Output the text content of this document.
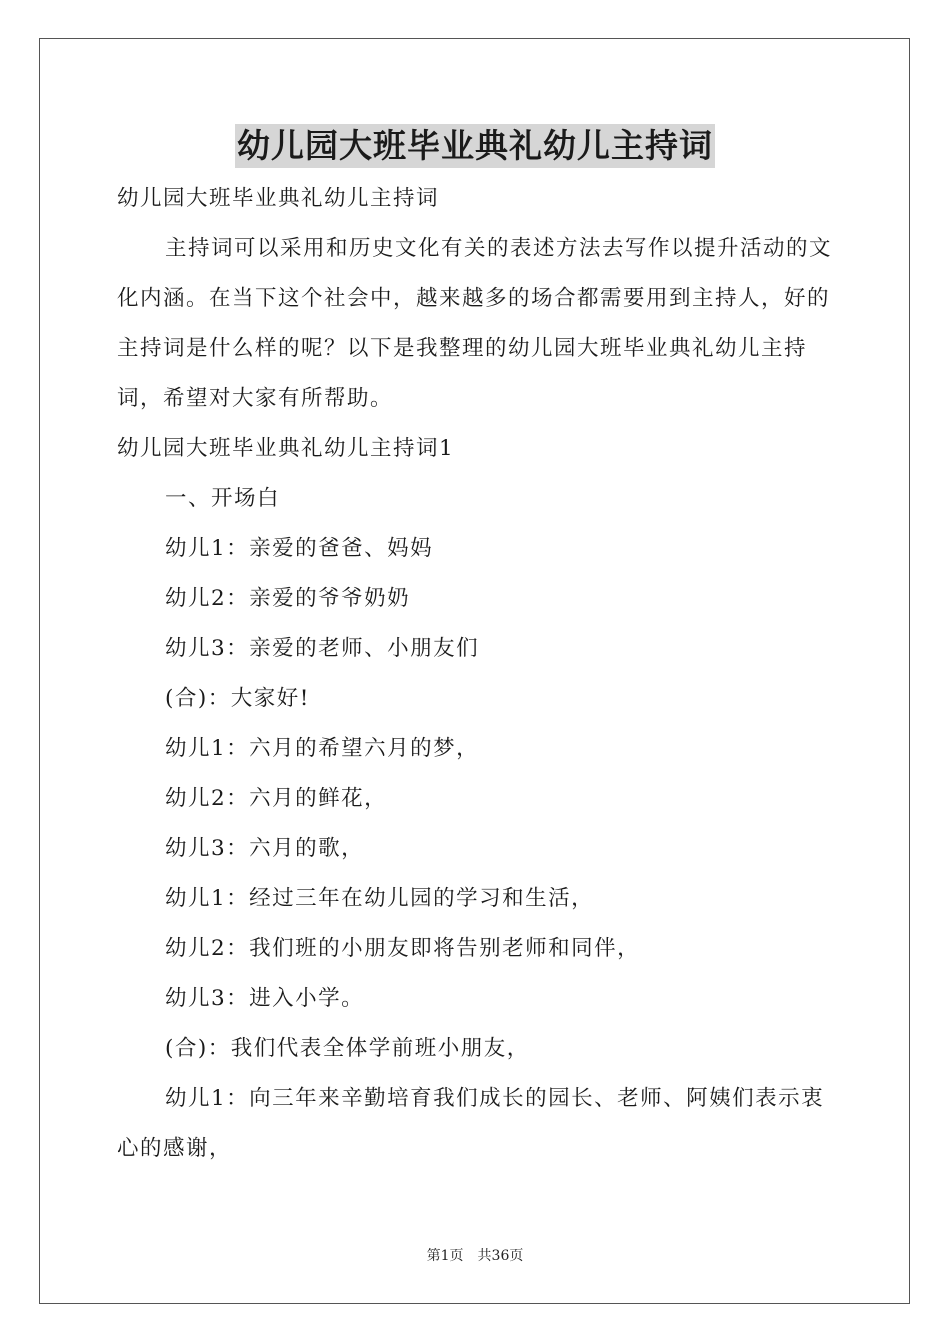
幼儿园大班毕业典礼幼儿主持词

幼儿园大班毕业典礼幼儿主持词

主持词可以采用和历史文化有关的表述方法去写作以提升活动的文化内涵。在当下这个社会中，越来越多的场合都需要用到主持人，好的主持词是什么样的呢？以下是我整理的幼儿园大班毕业典礼幼儿主持词，希望对大家有所帮助。

幼儿园大班毕业典礼幼儿主持词1

一、开场白

幼儿1：亲爱的爸爸、妈妈

幼儿2：亲爱的爷爷奶奶

幼儿3：亲爱的老师、小朋友们

(合)：大家好!

幼儿1：六月的希望六月的梦，

幼儿2：六月的鲜花，

幼儿3：六月的歌，

幼儿1：经过三年在幼儿园的学习和生活，

幼儿2：我们班的小朋友即将告别老师和同伴，

幼儿3：进入小学。

(合)：我们代表全体学前班小朋友，

幼儿1：向三年来辛勤培育我们成长的园长、老师、阿姨们表示衷心的感谢，

第1页 共36页
